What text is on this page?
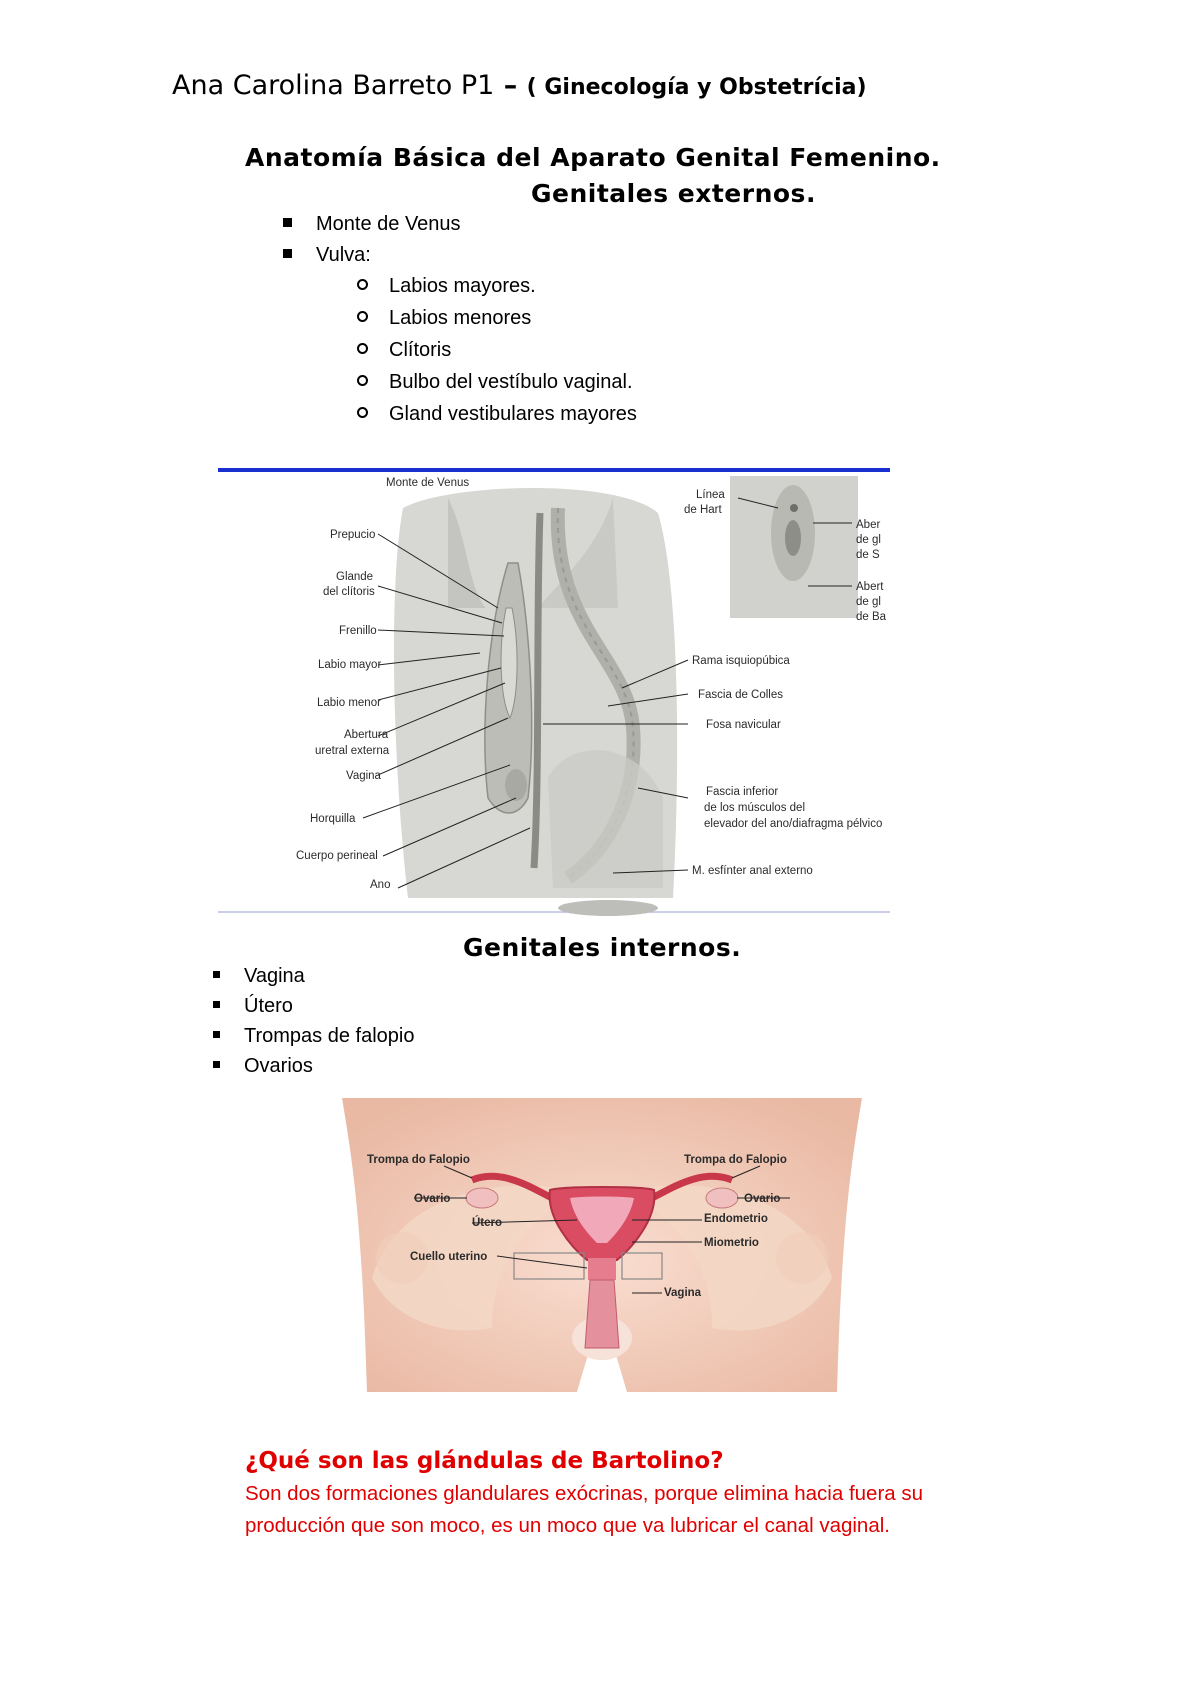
Ana Carolina Barreto P1 – ( Ginecología y Obstetrícia)
Anatomía Básica del Aparato Genital Femenino.
Genitales externos.
Monte de Venus
Vulva:
Labios mayores.
Labios menores
Clítoris
Bulbo del vestíbulo vaginal.
Gland vestibulares mayores
Monte de Venus
Prepucio
Glande
del clítoris
Frenillo
Labio mayor
Labio menor
Abertura
uretral externa
Vagina
Horquilla
Cuerpo perineal
Ano
Rama isquiopúbica
Fascia de Colles
Fosa navicular
Fascia inferior
de los músculos del
elevador del ano/diafragma pélvico
M. esfínter anal externo
Línea
de Hart
Aber
de gl
de S
Abert
de gl
de Ba
Genitales internos.
Vagina
Útero
Trompas de falopio
Ovarios
Trompa do Falopio
Ovario
Útero
Cuello uterino
Trompa do Falopio
Ovario
Endometrio
Miometrio
Vagina
¿Qué son las glándulas de Bartolino?
Son dos formaciones glandulares exócrinas, porque elimina hacia fuera su producción que son moco, es un moco que va lubricar el canal vaginal.
